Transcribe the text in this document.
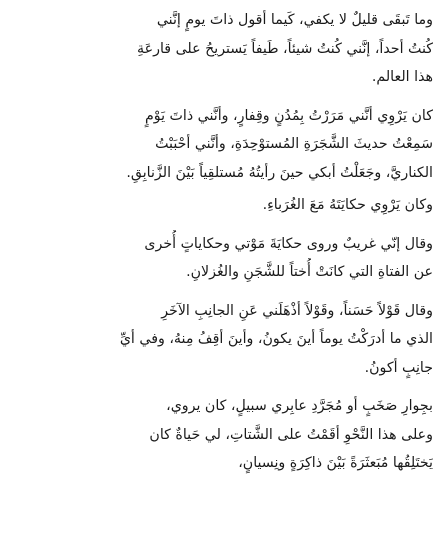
وما تَبقَى قليلٌ لا يكفي، كَيما أقول ذاتَ يومٍ إنَّني
كُنتُ أحداً، إنَّني كُنتُ شيئاً، طَيفاً يَستريحُ على قارعَةِ
هذا العالم.

كان يَرْوِي أنَّني مَرَرْتُ بِمُدُنٍ وقِفارٍ، وأنَّني ذاتَ يَوْمٍ
سَمِعْتُ حديثَ الشَّجَرَةِ المُستوْحِدَةِ، وأنَّني أحْبَبْتُ
الكناريَّ، وجَعَلْتُ أبكي حينَ رأيتُهُ مُستلقِياً بَيْنَ الزَّنابِقِ.

وكان يَرْوِي حكايَتَهُ مَعَ الغُرَباءِ.

وقال إنّي غريبٌ وروى حكايَةَ مَوْتي وحكاياتٍ أُخرى
عن الفتاةِ التي كانَتْ أُختاً للشَّجَنِ والغُزلانِ.

وقال قَوْلاً حَسَناً، وقَوْلاً أذْهَلَني عَنِ الجانِبِ الآخَرِ
الذي ما أدرَكْتُ يوماً أينَ يكونُ، وأينَ أقِفُ مِنهُ، وفي أيِّ
جانِبٍ أكونُ.

بجِوارِ صَخَبٍ أو مُجَرَّدِ عابِري سبيلٍ، كان يروي،
وعلى هذا النَّحْوِ أقَمْتُ على الشَّتاتِ، لي حَياةٌ كان
يَختَلِقُها مُبَعثَرَةً بَيْنَ ذاكِرَةٍ ونِسيانٍ،
